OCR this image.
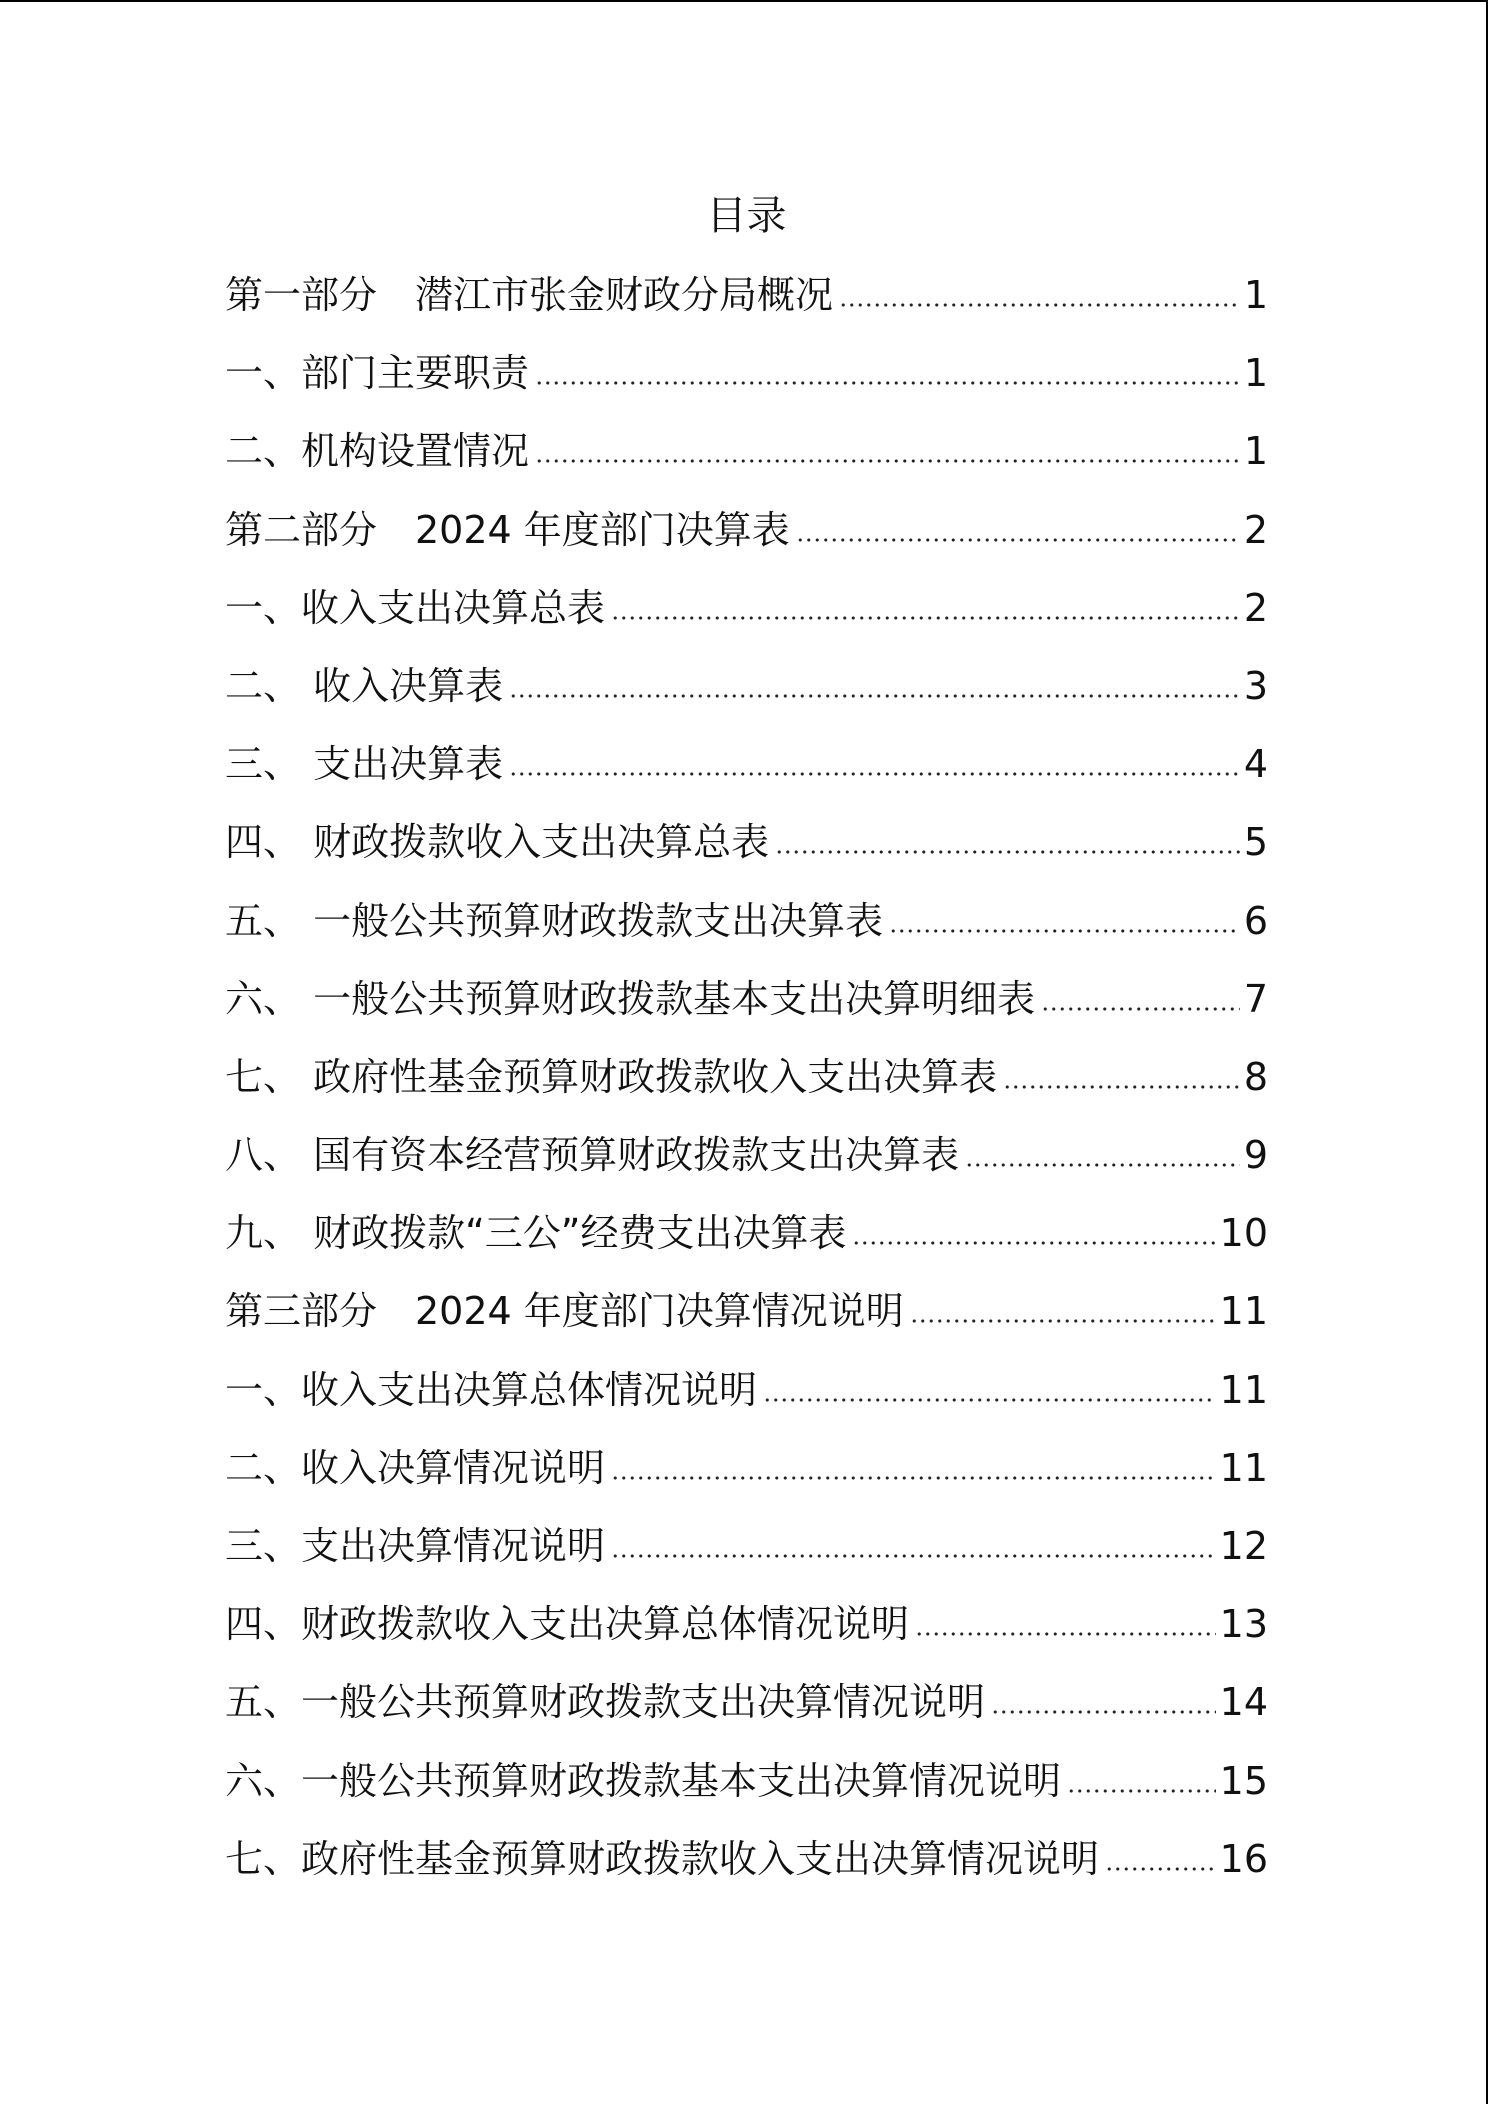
目录
第一部分　潜江市张金财政分局概况	1
一、部门主要职责	1
二、机构设置情况	1
第二部分　2024 年度部门决算表	2
一、收入支出决算总表	2
二、 收入决算表	3
三、 支出决算表	4
四、 财政拨款收入支出决算总表	5
五、 一般公共预算财政拨款支出决算表	6
六、 一般公共预算财政拨款基本支出决算明细表	7
七、 政府性基金预算财政拨款收入支出决算表	8
八、 国有资本经营预算财政拨款支出决算表	9
九、 财政拨款“三公”经费支出决算表	10
第三部分　2024 年度部门决算情况说明	11
一、收入支出决算总体情况说明	11
二、收入决算情况说明	11
三、支出决算情况说明	12
四、财政拨款收入支出决算总体情况说明	13
五、一般公共预算财政拨款支出决算情况说明	14
六、一般公共预算财政拨款基本支出决算情况说明	15
七、政府性基金预算财政拨款收入支出决算情况说明	16
